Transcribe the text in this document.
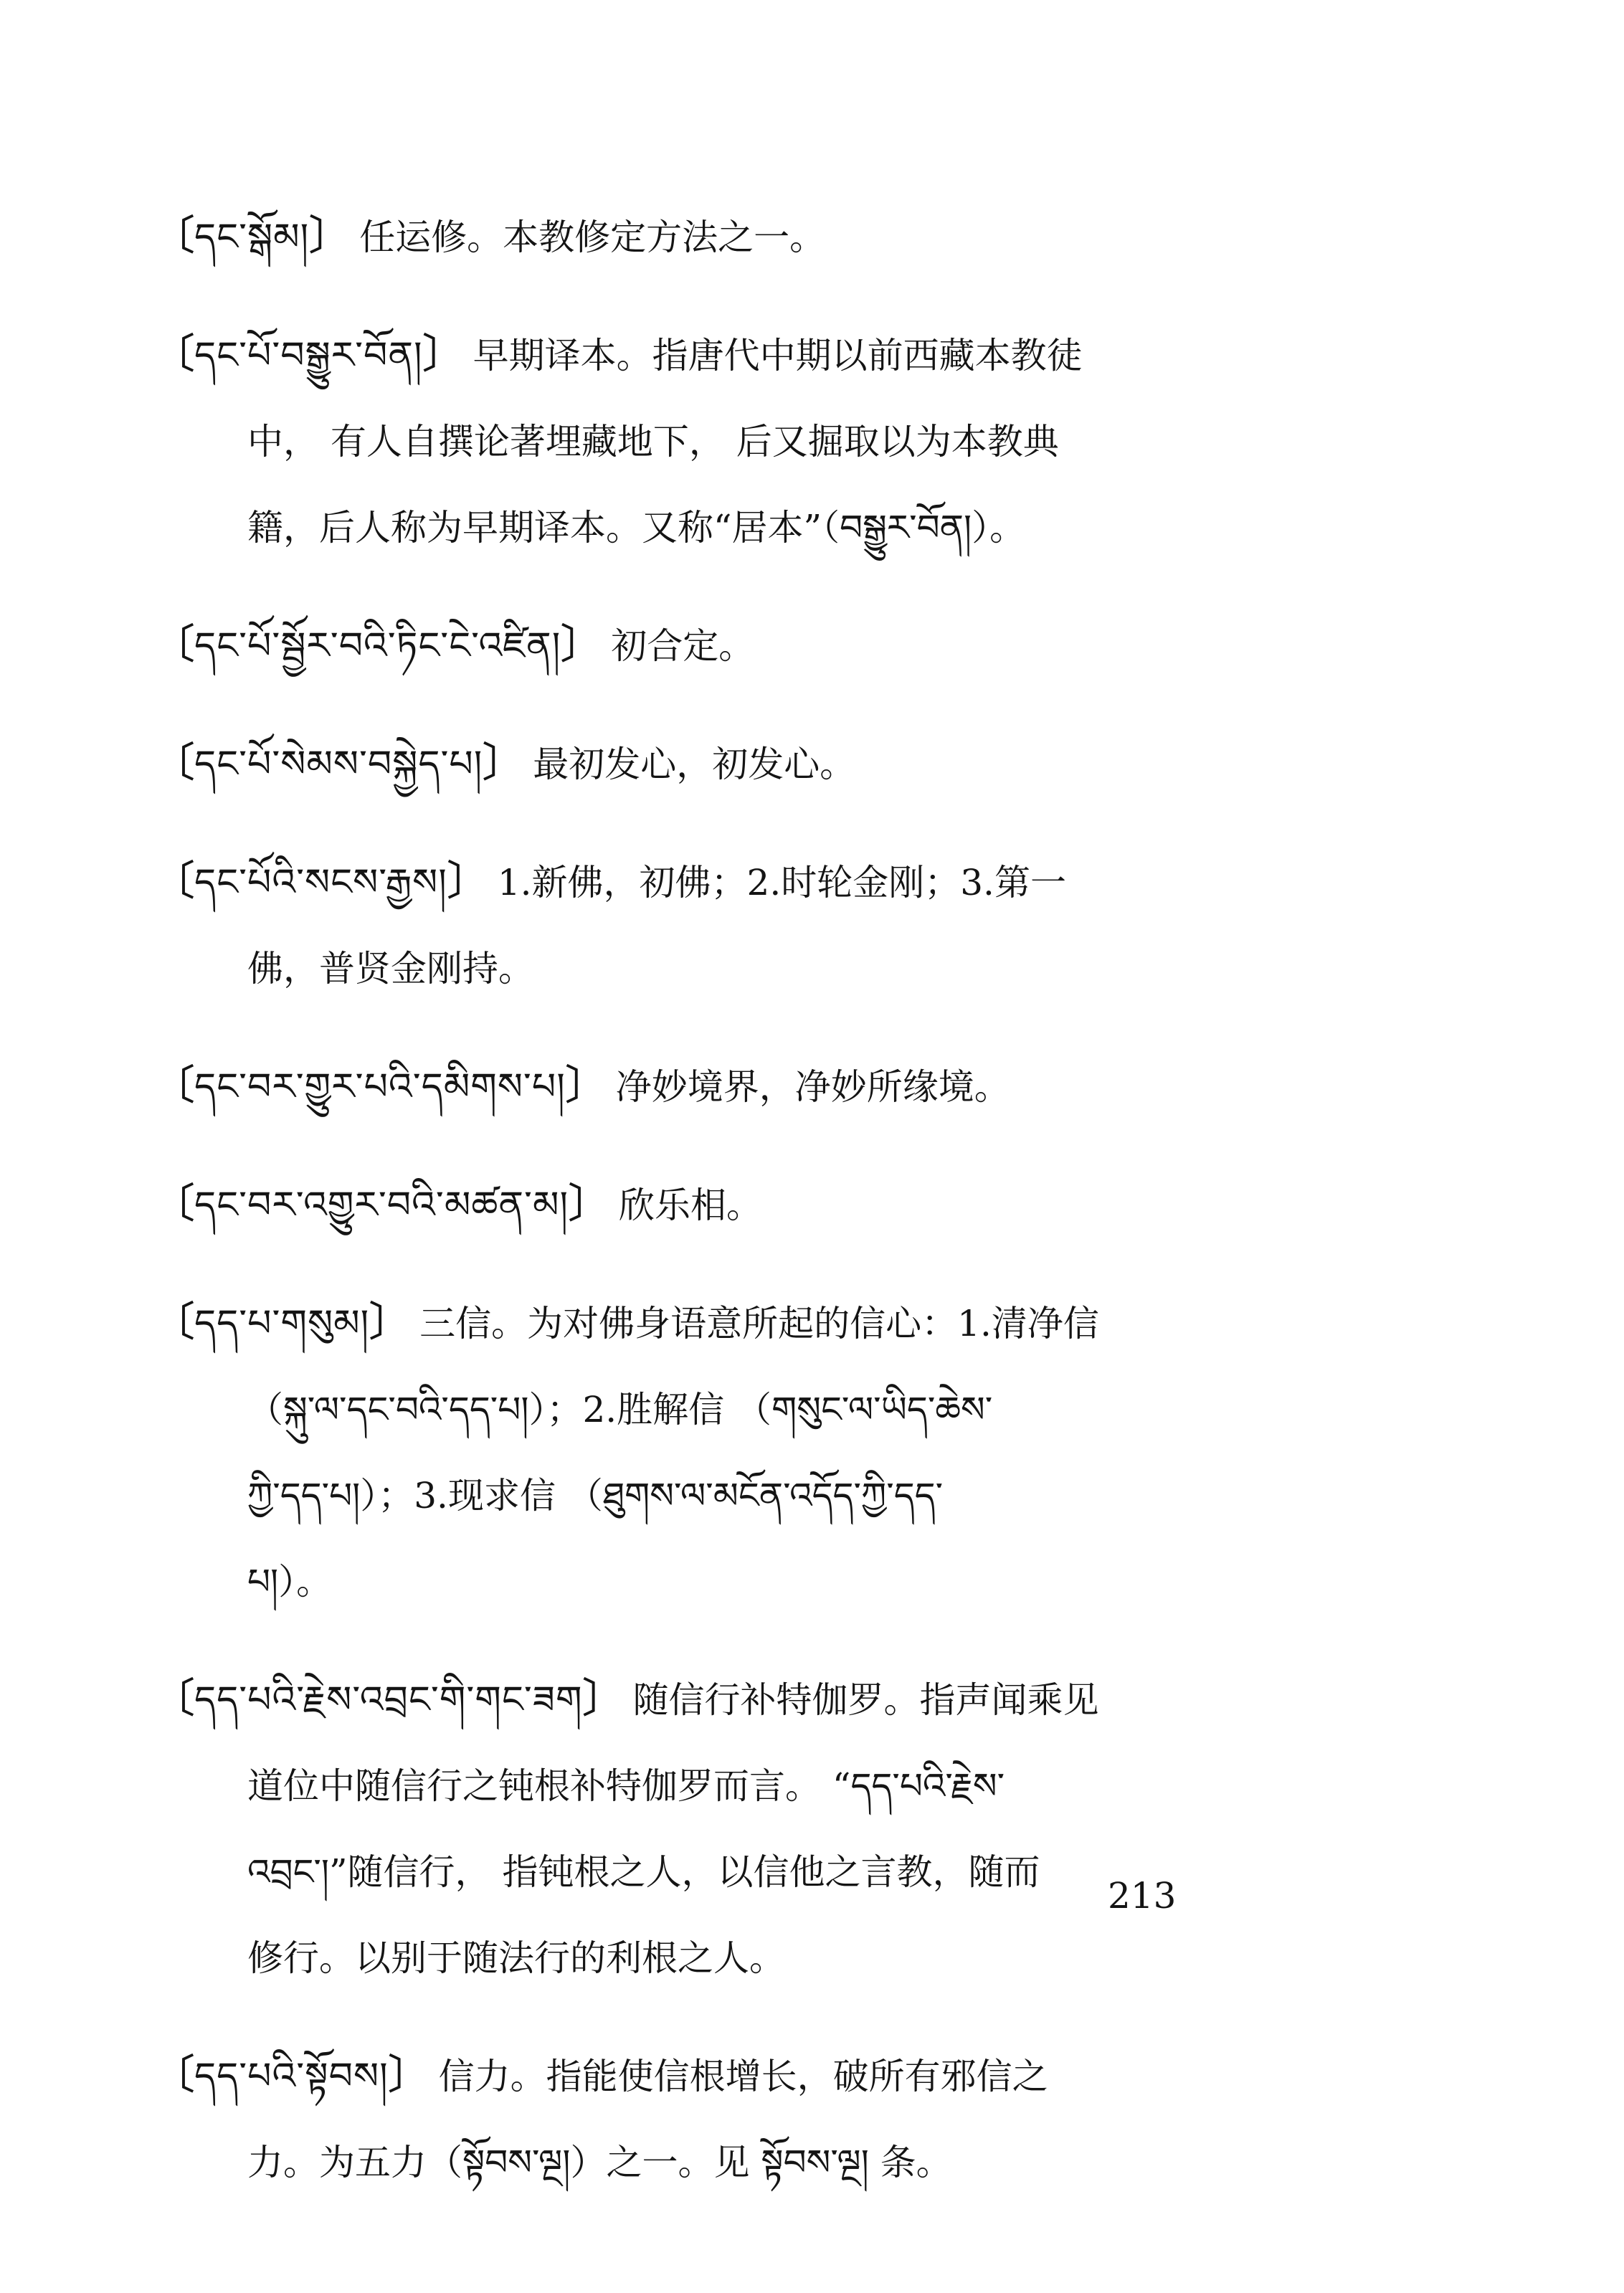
〔དང་སྒོམ།〕 任运修。本教修定方法之一。
〔དང་པོ་བསྒྱུར་བོན།〕 早期译本。指唐代中期以前西藏本教徒
中， 有人自撰论著埋藏地下， 后又掘取以为本教典
籍，后人称为早期译本。又称“居本”（བསྒྱུར་བོན།）。
〔དང་པོ་སྦྱོར་བའི་ཏིང་ངེ་འཛིན།〕 初合定。
〔དང་པོ་སེམས་བསྐྱེད་པ།〕 最初发心，初发心。
〔དང་པོའི་སངས་རྒྱས།〕 1.新佛，初佛；2.时轮金刚；3.第一
佛，普贤金刚持。
〔དང་བར་གྱུར་པའི་དམིགས་པ།〕 净妙境界，净妙所缘境。
〔དང་བར་འགྱུར་བའི་མཚན་མ།〕 欣乐相。
〔དད་པ་གསུམ།〕 三信。为对佛身语意所起的信心：1.清净信
（སྐུ་ལ་དང་བའི་དད་པ།）；2.胜解信 （གསུང་ལ་ཡིད་ཆེས་
ཀྱི་དད་པ།）；3.现求信 （ཐུགས་ལ་མངོན་འདོད་ཀྱི་དད་
པ།）。
〔དད་པའི་རྗེས་འབྲང་གི་གང་ཟག〕 随信行补特伽罗。指声闻乘见
道位中随信行之钝根补特伽罗而言。 “དད་པའི་རྗེས་
འབྲང་།”随信行， 指钝根之人，以信他之言教，随而
修行。以别于随法行的利根之人。
〔དད་པའི་སྟོབས།〕 信力。指能使信根增长，破所有邪信之
力。为五力（སྟོབས་ལྔ།）之一。见 སྟོབས་ལྔ། 条。
213
